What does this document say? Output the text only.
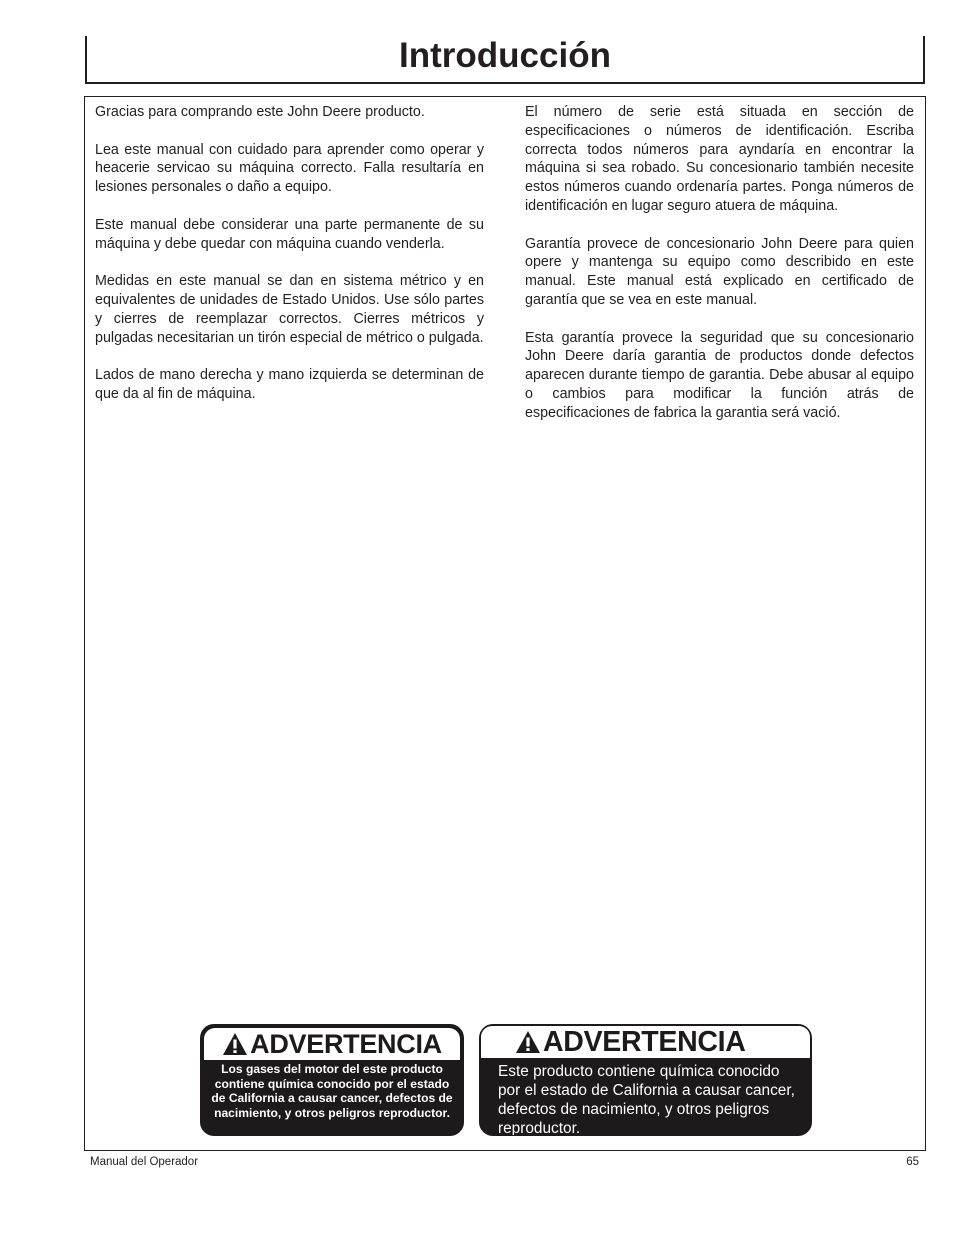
Introducción

Gracias para comprando este John Deere producto.

Lea este manual con cuidado para aprender como operar y heacerie servicao su máquina correcto. Falla resultaría en lesiones personales o daño a equipo.

Este manual debe considerar una parte permanente de su máquina y debe quedar con máquina cuando venderla.

Medidas en este manual se dan en sistema métrico y en equivalentes de unidades de Estado Unidos. Use sólo partes y cierres de reemplazar correctos. Cierres métricos y pulgadas necesitarian un tirón especial de métrico o pulgada.

Lados de mano derecha y mano izquierda se determinan de que da al fin de máquina.

El número de serie está situada en sección de especificaciones o números de identificación. Escriba correcta todos números para ayndaría en encontrar la máquina si sea robado. Su concesionario también necesite estos números cuando ordenaría partes. Ponga números de identificación en lugar seguro atuera de máquina.

Garantía provece de concesionario John Deere para quien opere y mantenga su equipo como describido en este manual. Este manual está explicado en certificado de garantía que se vea en este manual.

Esta garantía provece la seguridad que su concesionario John Deere daría garantia de productos donde defectos aparecen durante tiempo de garantia. Debe abusar al equipo o cambios para modificar la función atrás de especificaciones de fabrica la garantia será vació.

ADVERTENCIA
Los gases del motor del este producto contiene química conocido por el estado de California a causar cancer, defectos de nacimiento, y otros peligros reproductor.
ADVERTENCIA
Este producto contiene química conocido por el estado de California a causar cancer, defectos de nacimiento, y otros peligros reproductor.
Manual del Operador	65
